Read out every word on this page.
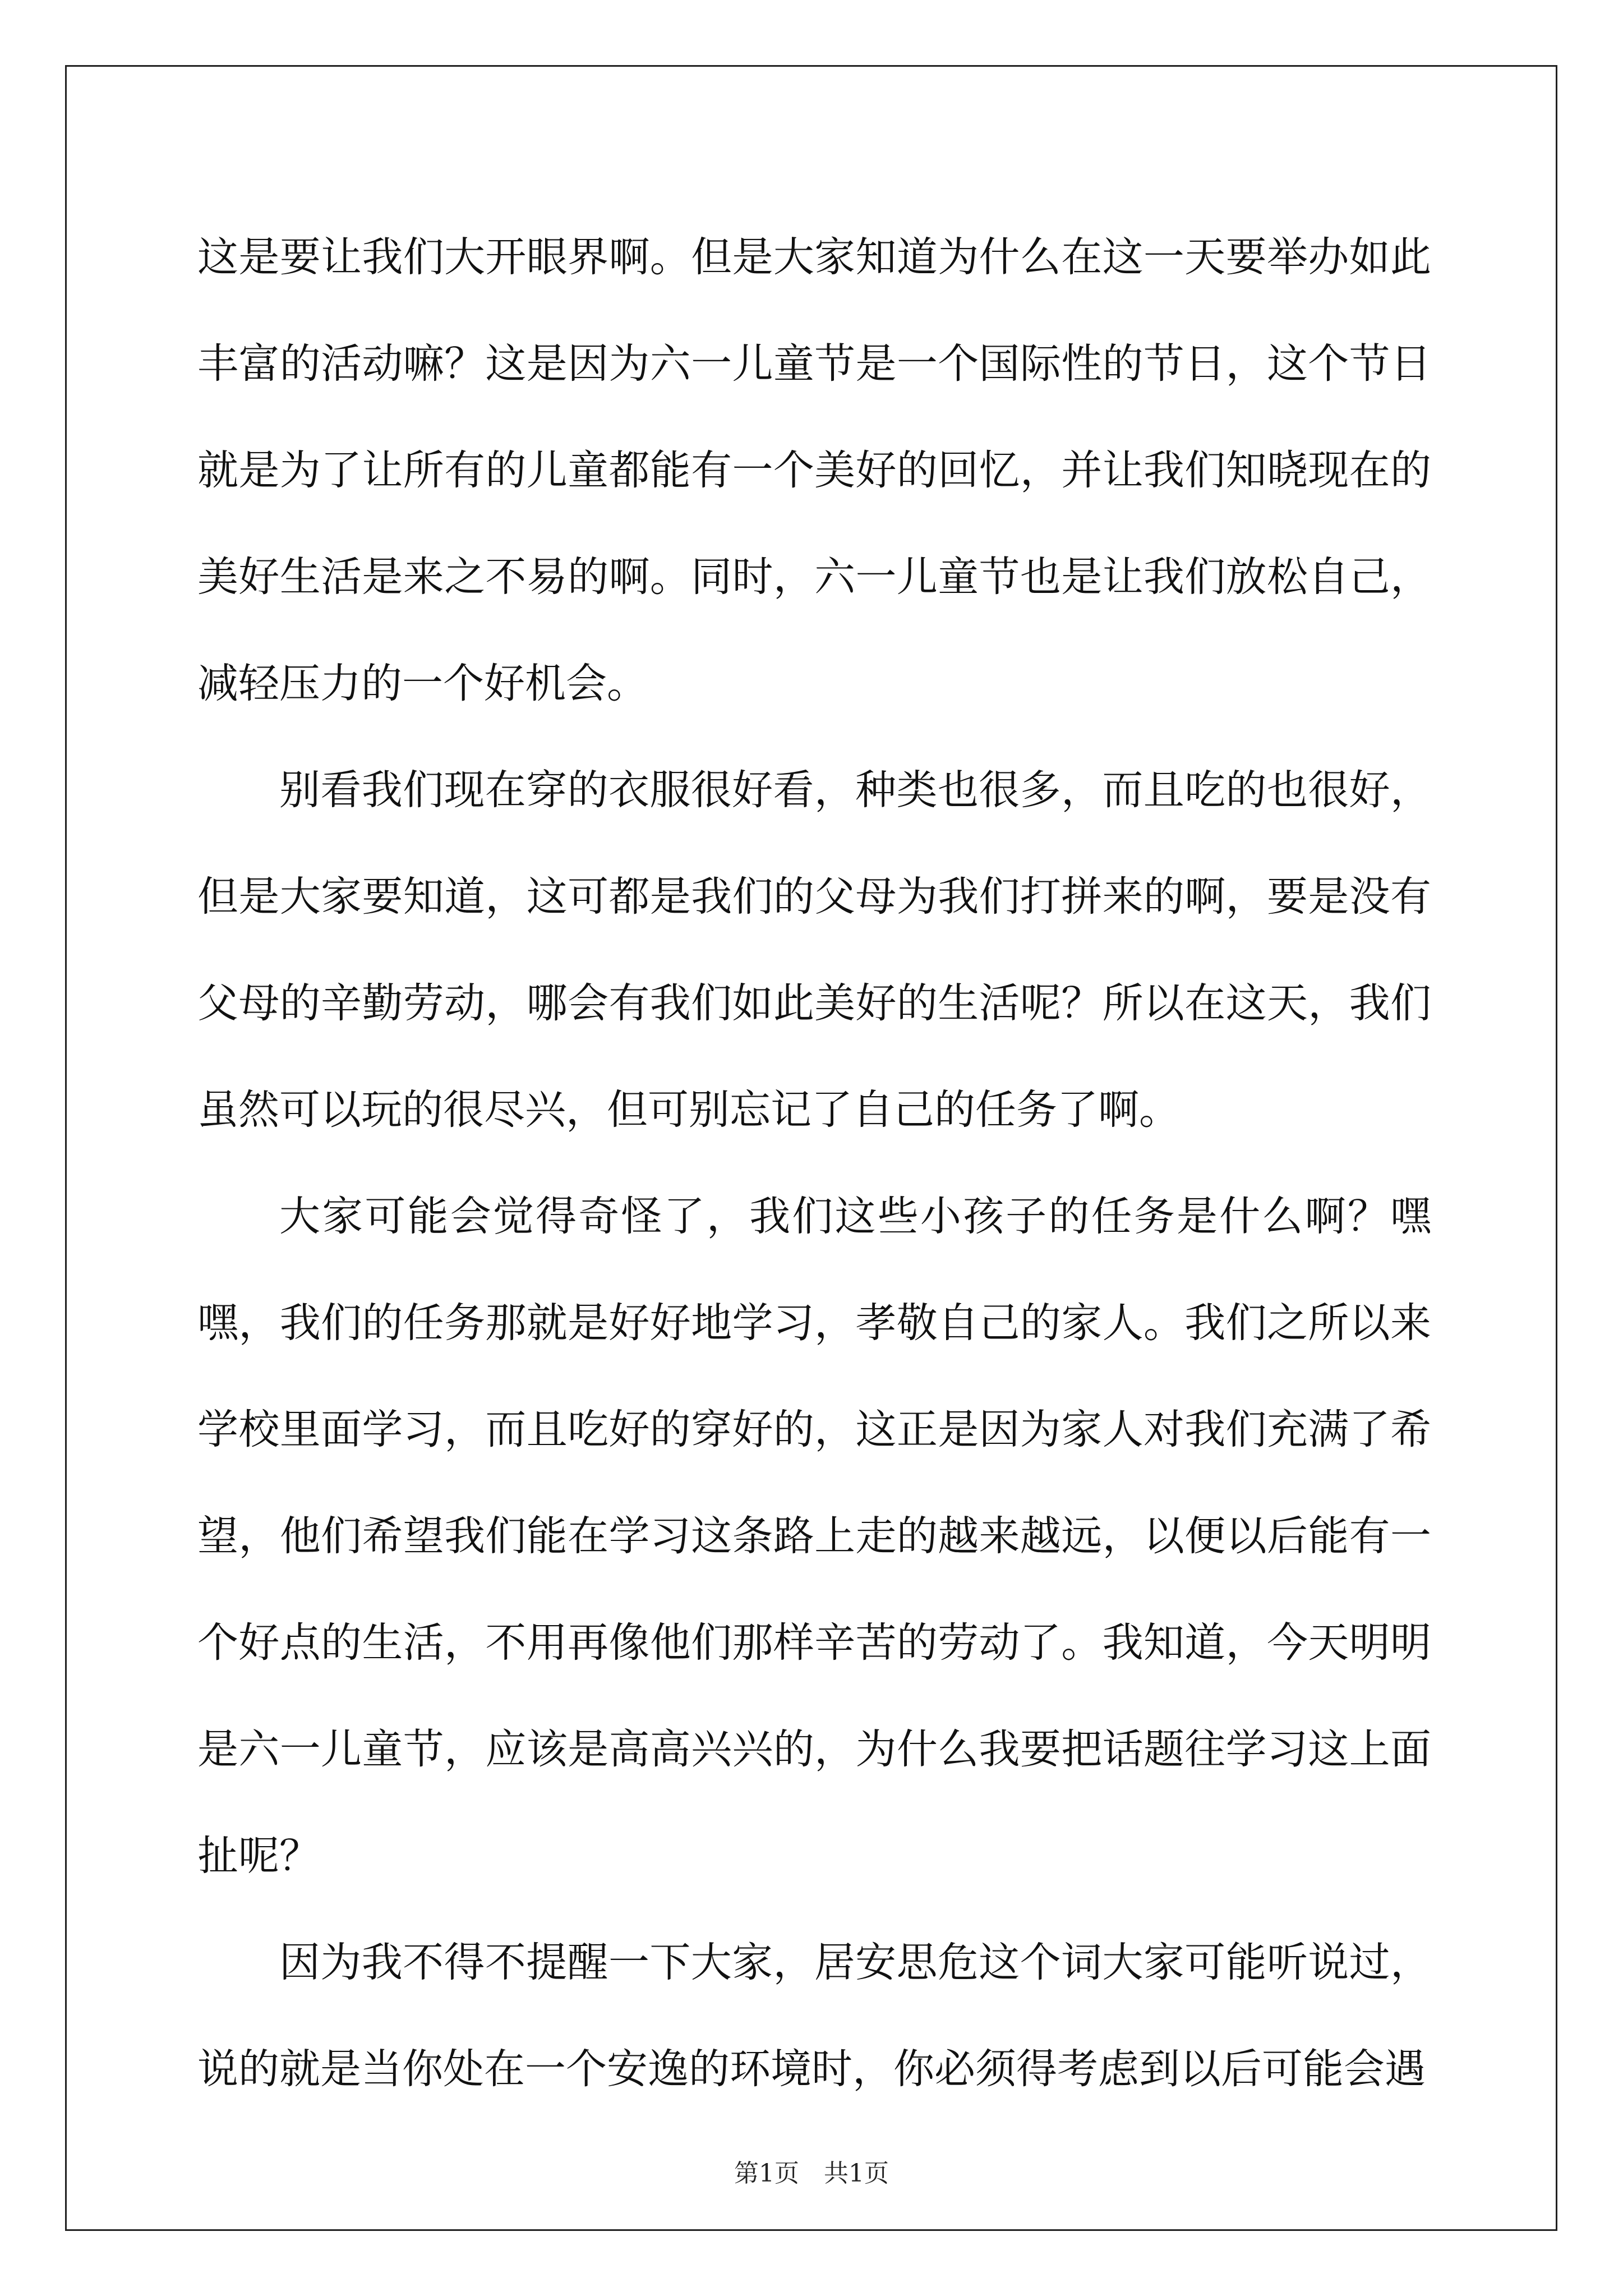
这是要让我们大开眼界啊。但是大家知道为什么在这一天要举办如此丰富的活动嘛？这是因为六一儿童节是一个国际性的节日，这个节日就是为了让所有的儿童都能有一个美好的回忆，并让我们知晓现在的美好生活是来之不易的啊。同时，六一儿童节也是让我们放松自己，减轻压力的一个好机会。

别看我们现在穿的衣服很好看，种类也很多，而且吃的也很好，但是大家要知道，这可都是我们的父母为我们打拼来的啊，要是没有父母的辛勤劳动，哪会有我们如此美好的生活呢？所以在这天，我们虽然可以玩的很尽兴，但可别忘记了自己的任务了啊。

大家可能会觉得奇怪了，我们这些小孩子的任务是什么啊？嘿嘿，我们的任务那就是好好地学习，孝敬自己的家人。我们之所以来学校里面学习，而且吃好的穿好的，这正是因为家人对我们充满了希望，他们希望我们能在学习这条路上走的越来越远，以便以后能有一个好点的生活，不用再像他们那样辛苦的劳动了。我知道，今天明明是六一儿童节，应该是高高兴兴的，为什么我要把话题往学习这上面扯呢？

因为我不得不提醒一下大家，居安思危这个词大家可能听说过，说的就是当你处在一个安逸的环境时，你必须得考虑到以后可能会遇

第1页　共1页
